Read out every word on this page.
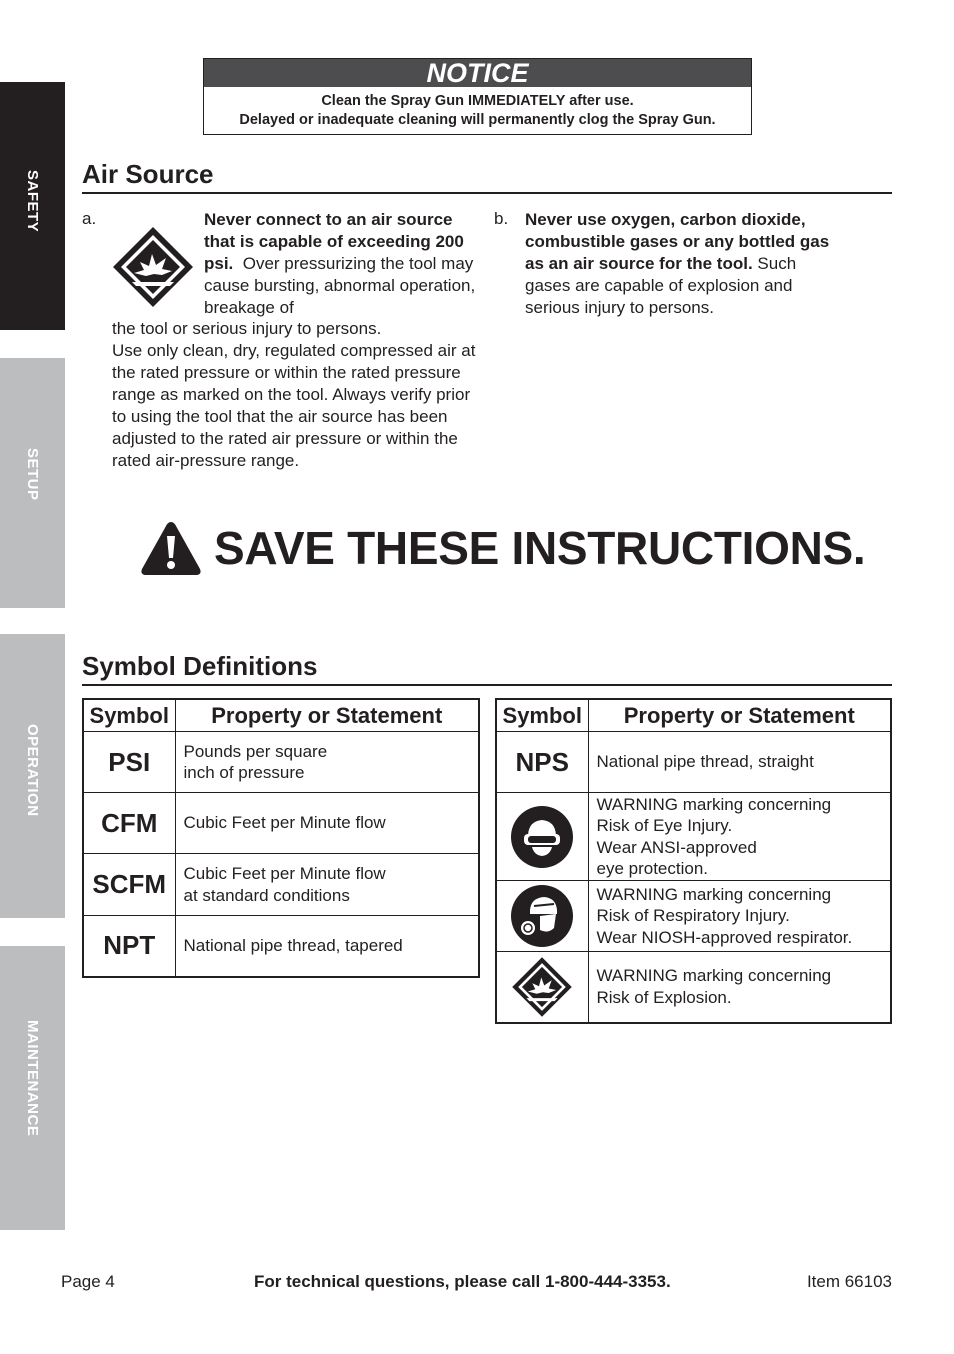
SAFETY
SETUP
OPERATION
MAINTENANCE
NOTICE
Clean the Spray Gun IMMEDIATELY after use.
Delayed or inadequate cleaning will permanently clog the Spray Gun.
Air Source
a.	Never connect to an air source that is capable of exceeding 200 psi. Over pressurizing the tool may cause bursting, abnormal operation, breakage of
the tool or serious injury to persons.
Use only clean, dry, regulated compressed air at the rated pressure or within the rated pressure range as marked on the tool. Always verify prior to using the tool that the air source has been adjusted to the rated air pressure or within the rated air-pressure range.
b. Never use oxygen, carbon dioxide, combustible gases or any bottled gas as an air source for the tool. Such gases are capable of explosion and serious injury to persons.
SAVE THESE INSTRUCTIONS.
Symbol Definitions
Symbol	Property or Statement
PSI	Pounds per square
inch of pressure

CFM	Cubic Feet per Minute flow

SCFM	Cubic Feet per Minute flow
at standard conditions

NPT	National pipe thread, tapered
Symbol	Property or Statement
NPS	National pipe thread, straight

WARNING marking concerning
Risk of Eye Injury.
Wear ANSI-approved
eye protection.

WARNING marking concerning
Risk of Respiratory Injury.
Wear NIOSH-approved respirator.

WARNING marking concerning
Risk of Explosion.
Page 4	For technical questions, please call 1-800-444-3353.	Item 66103
